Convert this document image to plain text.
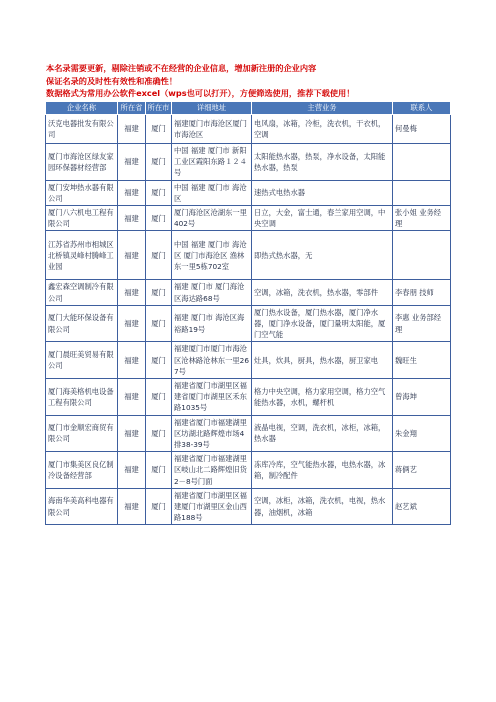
本名录需要更新，剔除注销或不在经营的企业信息，增加新注册的企业内容
保证名录的及时性有效性和准确性！
数据格式为常用办公软件excel（wps也可以打开），方便筛选使用，推荐下载使用！
企业名称	所在省	所在市	详细地址	主营业务	联系人
沃克电器批发有限公司	福建	厦门	福建厦门市海沧区厦门市海沧区	电风扇，冰箱，冷柜，洗衣机，干衣机，空调	何曼梅
厦门市海沧区绿友家园环保器材经营部	福建	厦门	中国 福建 厦门市 新阳工业区霞阳东路１２４号	太阳能热水器，热泵，净水设备，太阳能热水器，热泵	
厦门安坤热水器有限公司	福建	厦门	中国 福建 厦门市 海沧区	速热式电热水器	
厦门八六机电工程有限公司	福建	厦门	厦门海沧区沧湖东一里402号	日立，大金，富士通，春兰家用空调，中央空调	张小姐 业务经理
江苏省苏州市相城区北桥镇灵峰村腾峰工业园	福建	厦门	中国 福建 厦门市 海沧区 厦门市海沧区 渔林东一里5栋702室	即热式热水器，无	
鑫宏森空调制冷有限公司	福建	厦门	福建 厦门市 厦门海沧区海达路68号	空调，冰箱，洗衣机，热水器，零部件	李春朋 技师
厦门大能环保设备有限公司	福建	厦门	福建 厦门市 海沧区海裕路19号	厦门热水设备，厦门热水器，厦门净水器，厦门净水设备，厦门量明太阳能，厦门空气能	李惠 业务部经理
厦门晨旺美贸易有限公司	福建	厦门	福建厦门市厦门市海沧区沧林路沧林东一里267号	灶具，炊具，厨具，热水器，厨卫家电	魏旺生
厦门海美格机电设备工程有限公司	福建	厦门	福建省厦门市湖里区福建省厦门市湖里区禾东路1035号	格力中央空调，格力家用空调，格力空气能热水器，水机，螺杆机	曾海坤
厦门市金顺宏商贸有限公司	福建	厦门	福建省厦门市福建湖里区坊湖北路辉煌市场4排38-39号	液晶电视，空调，洗衣机，冰柜，冰箱，热水器	朱金翔
厦门市集美区良亿制冷设备经营部	福建	厦门	福建省厦门市福建湖里区岐山北二路辉煌旧货2－8号门面	冻库冷库，空气能热水器，电热水器，冰箱，制冷配件	蒋俩艺
海南华美高科电器有限公司	福建	厦门	福建省厦门市湖里区福建厦门市湖里区金山西路188号	空调，冰柜，冰箱，洗衣机，电视，热水器，油烟机，冰箱	赵艺斌
